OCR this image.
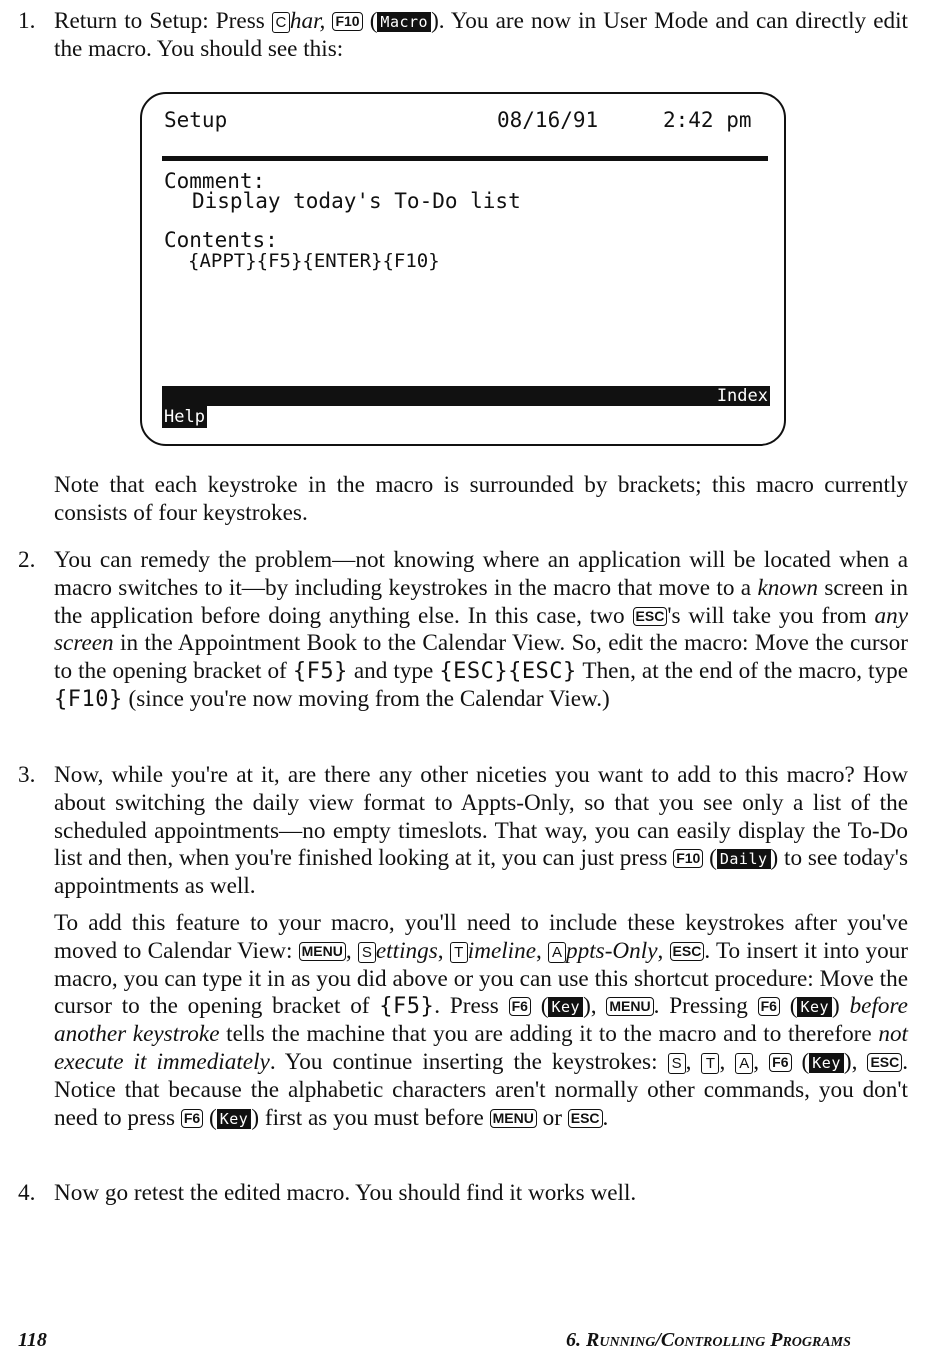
1. Return to Setup: Press C har, F10 ( Macro ). You are now in User Mode and can directly edit the macro. You should see this:
Setup	08/16/91	2:42 pm
Comment:
Display today's To-Do list
Contents:
{APPT}{F5}{ENTER}{F10}
Index
Help
Note that each keystroke in the macro is surrounded by brackets; this macro currently consists of four keystrokes.
2. You can remedy the problem—not knowing where an application will be located when a macro switches to it—by including keystrokes in the macro that move to a known screen in the application before doing anything else. In this case, two ESC 's will take you from any screen in the Appointment Book to the Calendar View. So, edit the macro: Move the cursor to the opening bracket of {F5} and type {ESC}{ESC} Then, at the end of the macro, type {F10} (since you're now moving from the Calendar View.)
3. Now, while you're at it, are there any other niceties you want to add to this macro? How about switching the daily view format to Appts-Only, so that you see only a list of the scheduled appointments—no empty timeslots. That way, you can easily display the To-Do list and then, when you're finished looking at it, you can just press F10 ( Daily ) to see today's appointments as well.

To add this feature to your macro, you'll need to include these keystrokes after you've moved to Calendar View: MENU , S ettings, T imeline, A ppts-Only, ESC . To insert it into your macro, you can type it in as you did above or you can use this shortcut procedure: Move the cursor to the opening bracket of {F5}. Press F6 ( Key ), MENU . Pressing F6 ( Key ) before another keystroke tells the machine that you are adding it to the macro and to therefore not execute it immediately. You continue inserting the keystrokes: S , T , A , F6 ( Key ), ESC . Notice that because the alphabetic characters aren't normally other commands, you don't need to press F6 ( Key ) first as you must before MENU or ESC .

4. Now go retest the edited macro. You should find it works well.
118	6. Running/Controlling Programs
